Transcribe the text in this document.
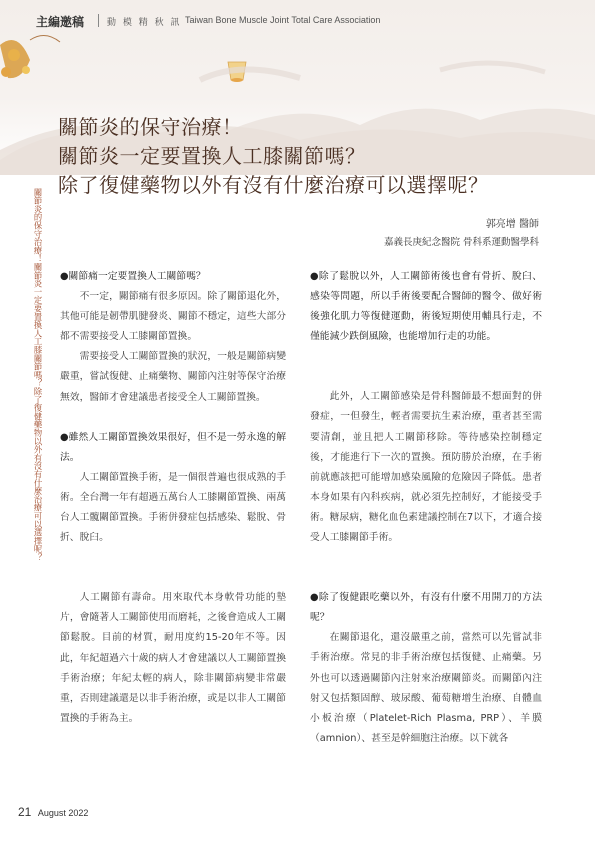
主編邀稿	動 模 精 秋 訊 Taiwan Bone Muscle Joint Total Care Association
關節炎的保守治療！
關節炎一定要置換人工膝關節嗎？
除了復健藥物以外有沒有什麼治療可以選擇呢？
關節炎的保守治療！關節炎一定要置換人工膝關節嗎？除了復健藥物以外有沒有什麼治療可以選擇呢？	郭亮增 醫師
嘉義長庚紀念醫院 骨科系運動醫學科

●關節痛一定要置換人工關節嗎？

不一定，關節痛有很多原因。除了關節退化外，其他可能是韌帶肌腱發炎、關節不穩定，這些大部分都不需要接受人工膝關節置換。

需要接受人工關節置換的狀況，一般是關節病變嚴重，嘗試復健、止痛藥物、關節內注射等保守治療無效，醫師才會建議患者接受全人工關節置換。

●雖然人工關節置換效果很好，但不是一勞永逸的解法。

人工關節置換手術，是一個很普遍也很成熟的手術。全台灣一年有超過五萬台人工膝關節置換、兩萬台人工髖關節置換。手術併發症包括感染、鬆脫、骨折、脫臼。

人工關節有壽命。用來取代本身軟骨功能的墊片，會隨著人工關節使用而磨耗，之後會造成人工關節鬆脫。目前的材質，耐用度約15-20年不等。因此，年紀超過六十歲的病人才會建議以人工關節置換手術治療；年紀太輕的病人，除非關節病變非常嚴重，否則建議還是以非手術治療，或是以非人工關節置換的手術為主。

●除了鬆脫以外，人工關節術後也會有骨折、脫臼、感染等問題，所以手術後要配合醫師的醫令、做好術後強化肌力等復健運動，術後短期使用輔具行走，不僅能減少跌倒風險，也能增加行走的功能。

此外，人工關節感染是骨科醫師最不想面對的併發症，一但發生，輕者需要抗生素治療，重者甚至需要清創，並且把人工關節移除。等待感染控制穩定後，才能進行下一次的置換。預防勝於治療，在手術前就應該把可能增加感染風險的危險因子降低。患者本身如果有內科疾病，就必須先控制好，才能接受手術。糖尿病，糖化血色素建議控制在7以下，才適合接受人工膝關節手術。

●除了復健跟吃藥以外，有沒有什麼不用開刀的方法呢？

在關節退化，還沒嚴重之前，當然可以先嘗試非手術治療。常見的非手術治療包括復健、止痛藥。另外也可以透過關節內注射來治療關節炎。而關節內注射又包括類固醇、玻尿酸、葡萄糖增生治療、自體血小板治療（Platelet-Rich Plasma, PRP）、羊膜（amnion）、甚至是幹細胞注治療。以下就各

21 August 2022
